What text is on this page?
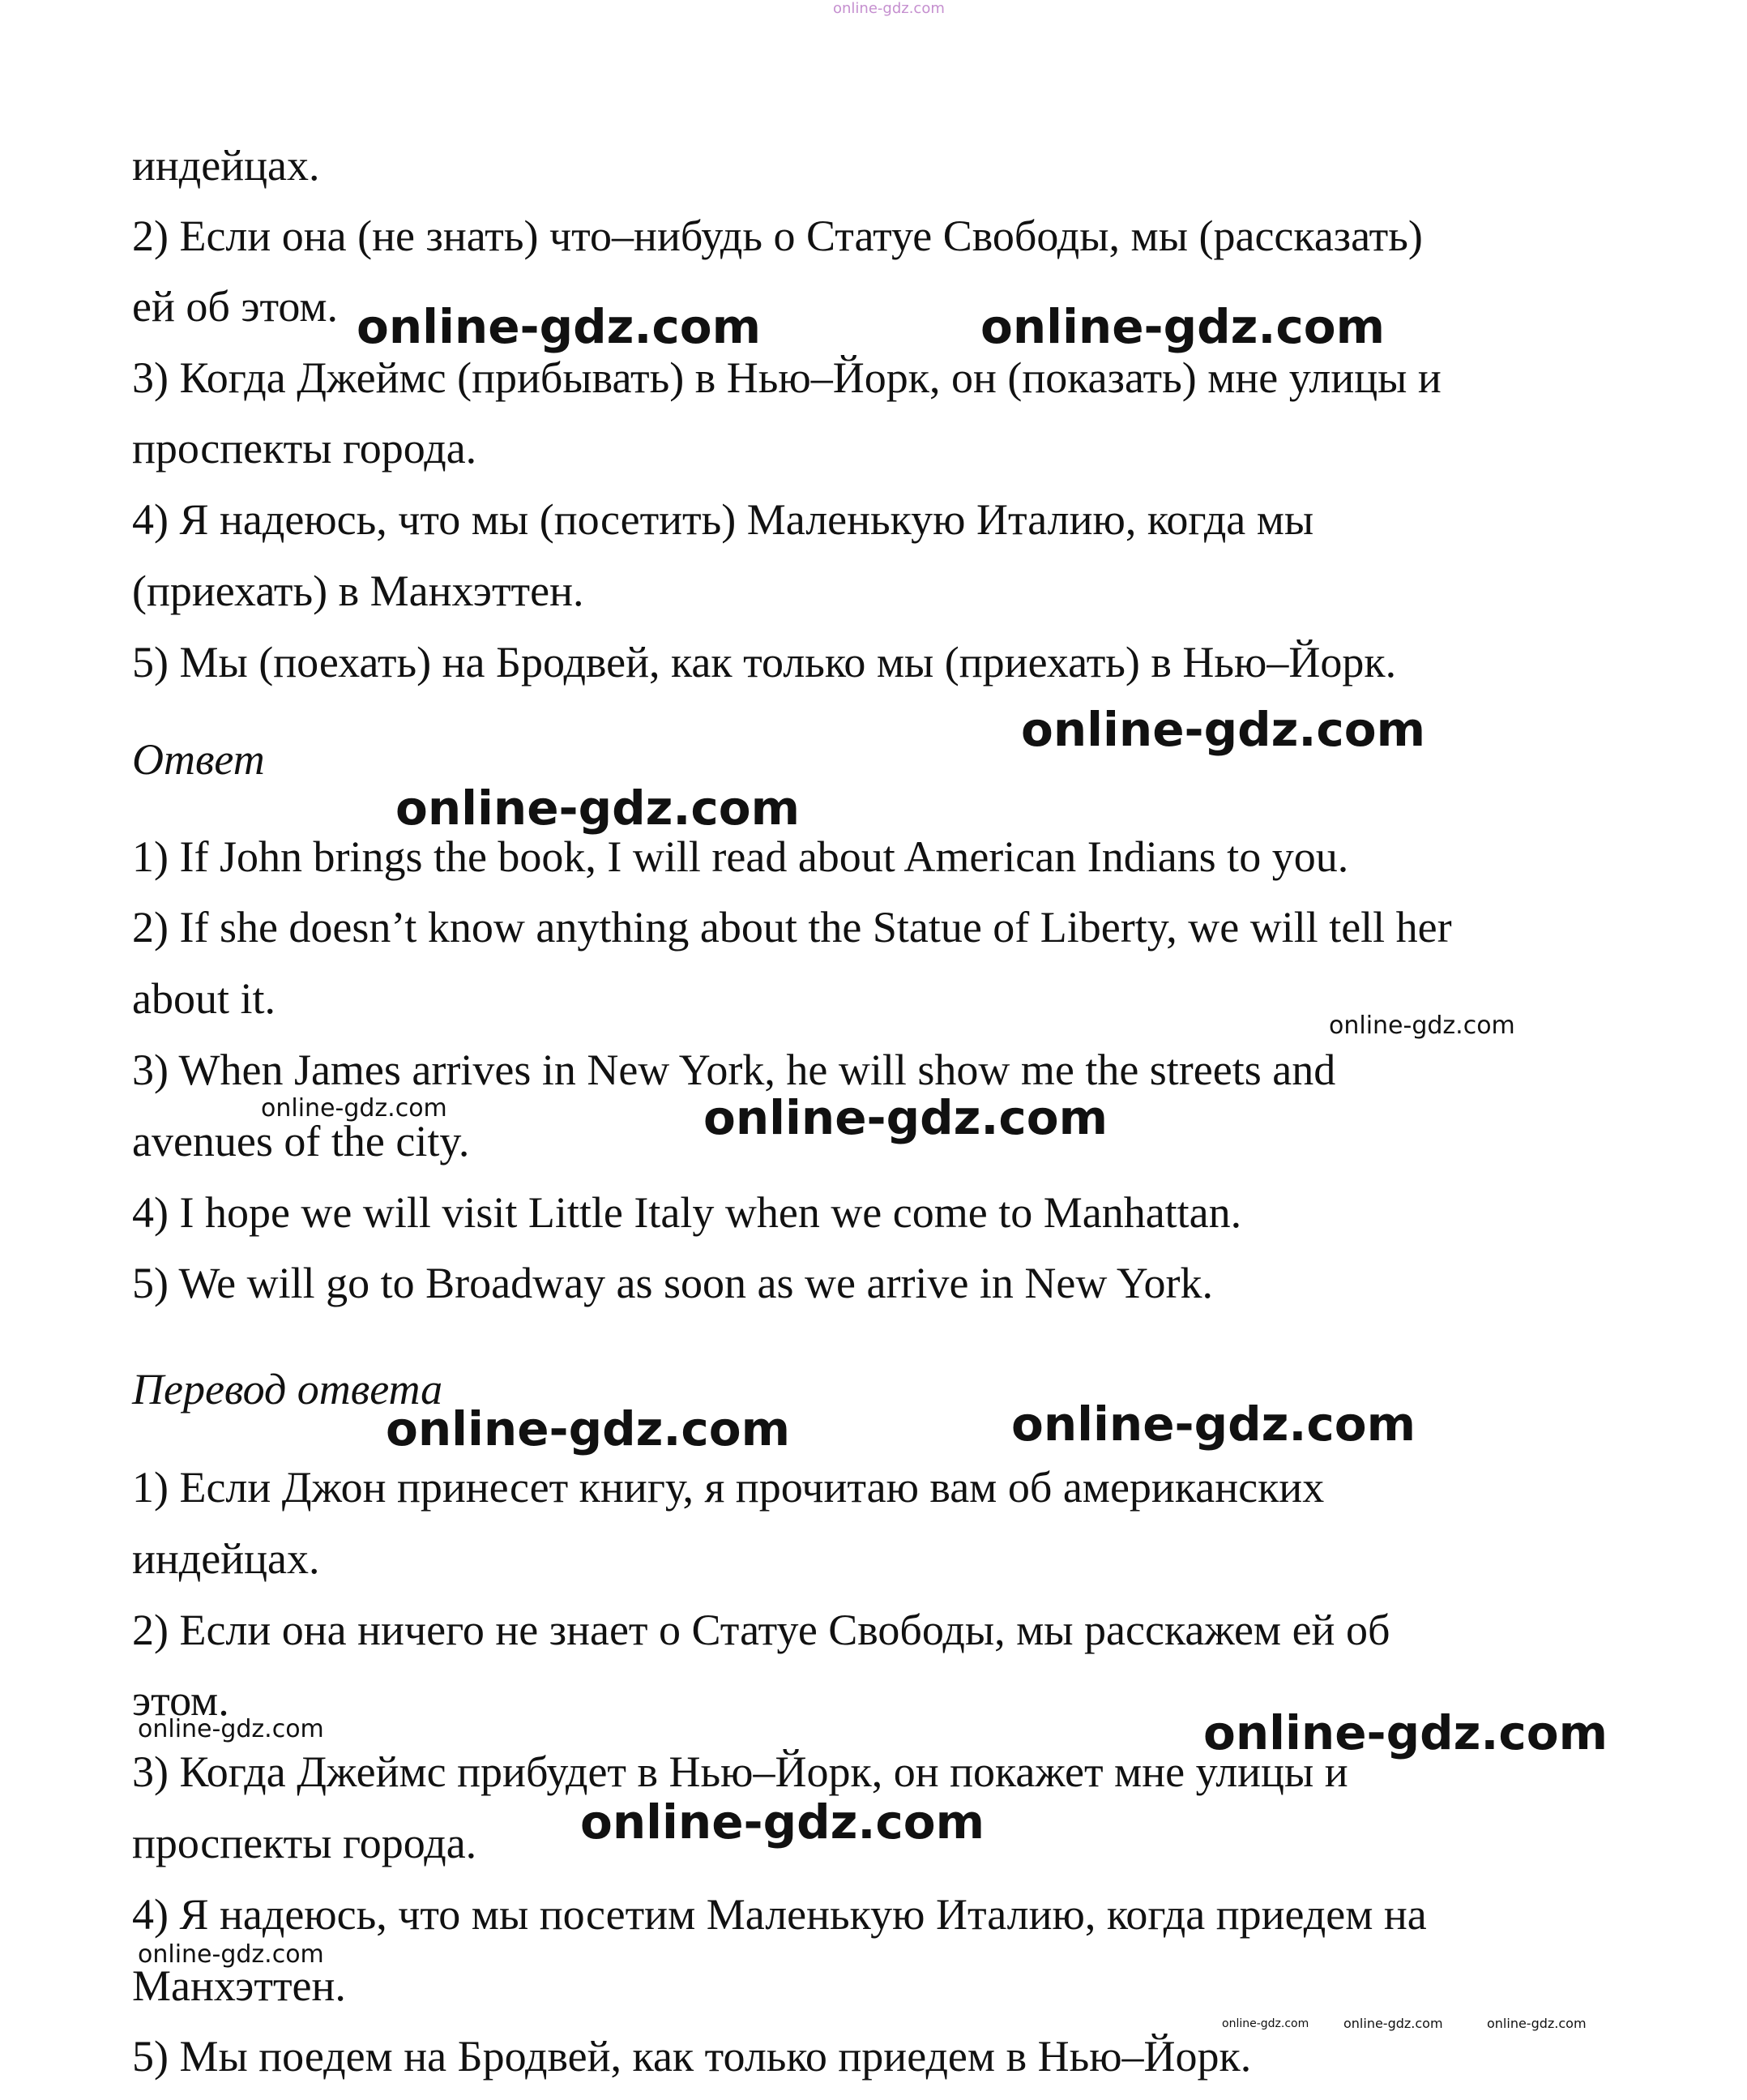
online-gdz.com
индейцах.
2) Если она (не знать) что–нибудь о Статуе Свободы, мы (рассказать)
ей об этом.
3) Когда Джеймс (прибывать) в Нью–Йорк, он (показать) мне улицы и
проспекты города.
4) Я надеюсь, что мы (посетить) Маленькую Италию, когда мы
(приехать) в Манхэттен.
5) Мы (поехать) на Бродвей, как только мы (приехать) в Нью–Йорк.
Ответ
1) If John brings the book, I will read about American Indians to you.
2) If she doesn’t know anything about the Statue of Liberty, we will tell her
about it.
3) When James arrives in New York, he will show me the streets and
avenues of the city.
4) I hope we will visit Little Italy when we come to Manhattan.
5) We will go to Broadway as soon as we arrive in New York.
Перевод ответа
1) Если Джон принесет книгу, я прочитаю вам об американских
индейцах.
2) Если она ничего не знает о Статуе Свободы, мы расскажем ей об
этом.
3) Когда Джеймс прибудет в Нью–Йорк, он покажет мне улицы и
проспекты города.
4) Я надеюсь, что мы посетим Маленькую Италию, когда приедем на
Манхэттен.
5) Мы поедем на Бродвей, как только приедем в Нью–Йорк.
online-gdz.com	online-gdz.com
online-gdz.com
online-gdz.com
online-gdz.com
online-gdz.com	online-gdz.com
online-gdz.com	online-gdz.com
online-gdz.com	online-gdz.com
online-gdz.com
online-gdz.com
online-gdz.com	online-gdz.com	online-gdz.com
